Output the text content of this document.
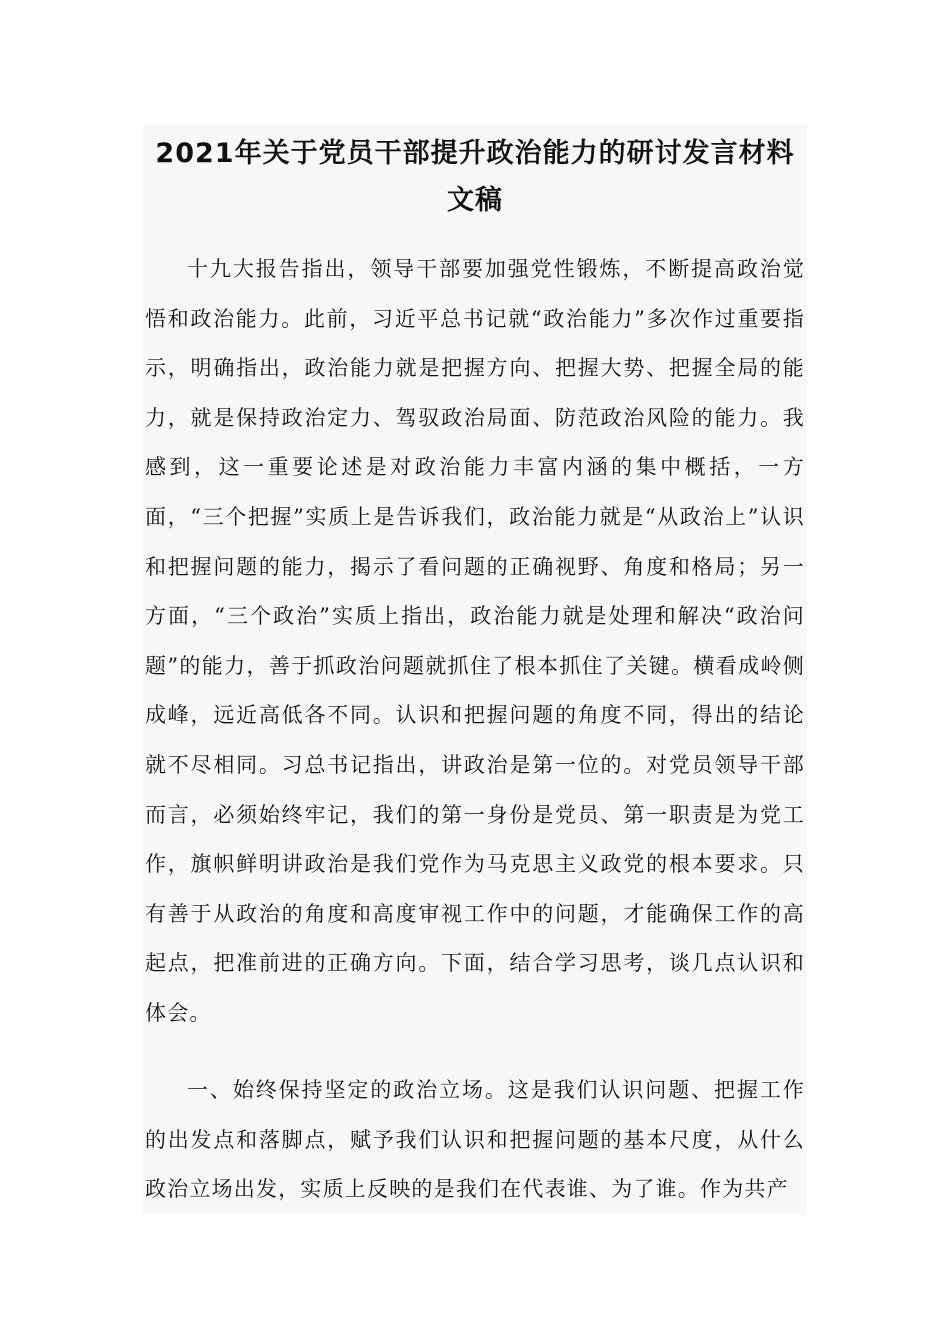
2021年关于党员干部提升政治能力的研讨发言材料
文稿

十九大报告指出，领导干部要加强党性锻炼，不断提高政治觉悟和政治能力。此前，习近平总书记就“政治能力”多次作过重要指示，明确指出，政治能力就是把握方向、把握大势、把握全局的能力，就是保持政治定力、驾驭政治局面、防范政治风险的能力。我感到，这一重要论述是对政治能力丰富内涵的集中概括，一方面，“三个把握”实质上是告诉我们，政治能力就是“从政治上”认识和把握问题的能力，揭示了看问题的正确视野、角度和格局；另一方面，“三个政治”实质上指出，政治能力就是处理和解决“政治问题”的能力，善于抓政治问题就抓住了根本抓住了关键。横看成岭侧成峰，远近高低各不同。认识和把握问题的角度不同，得出的结论就不尽相同。习总书记指出，讲政治是第一位的。对党员领导干部而言，必须始终牢记，我们的第一身份是党员、第一职责是为党工作，旗帜鲜明讲政治是我们党作为马克思主义政党的根本要求。只有善于从政治的角度和高度审视工作中的问题，才能确保工作的高起点，把准前进的正确方向。下面，结合学习思考，谈几点认识和体会。

一、始终保持坚定的政治立场。这是我们认识问题、把握工作的出发点和落脚点，赋予我们认识和把握问题的基本尺度，从什么政治立场出发，实质上反映的是我们在代表谁、为了谁。作为共产
